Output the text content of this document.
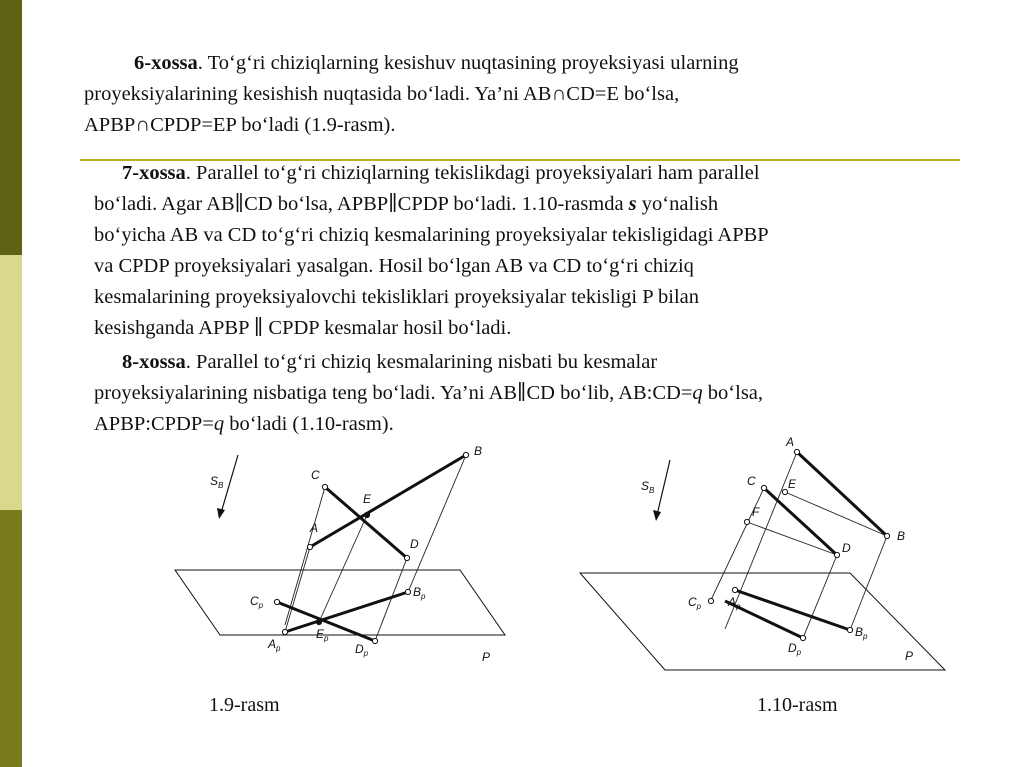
6-xossa. To‘g‘ri chiziqlarning kesishuv nuqtasining proyeksiyasi ularning
proyeksiyalarining kesishish nuqtasida bo‘ladi. Ya’ni AB∩CD=E bo‘lsa,
APBP∩CPDP=EP bo‘ladi (1.9-rasm).

7-xossa. Parallel to‘g‘ri chiziqlarning tekislikdagi proyeksiyalari ham parallel
bo‘ladi. Agar AB∥CD bo‘lsa, APBP∥CPDP bo‘ladi. 1.10-rasmda s yo‘nalish
bo‘yicha AB va CD to‘g‘ri chiziq kesmalarining proyeksiyalar tekisligidagi APBP
va CPDP proyeksiyalari yasalgan. Hosil bo‘lgan AB va CD to‘g‘ri chiziq
kesmalarining proyeksiyalovchi tekisliklari proyeksiyalar tekisligi P bilan
kesishganda APBP ∥ CPDP kesmalar hosil bo‘ladi.

8-xossa. Parallel to‘g‘ri chiziq kesmalarining nisbati bu kesmalar
proyeksiyalarining nisbatiga teng bo‘ladi. Ya’ni AB∥CD bo‘lib, AB:CD=q bo‘lsa,
APBP:CPDP=q bo‘ladi (1.10-rasm).

$S_B$
C
A
E
D
B
$C_p$
$A_p$
$E_p$
$D_p$
$B_p$
P
$S_B$
A
B
C	E
F
D
$C_p$ $A_p$
$D_p$
$B_p$
P
1.9-rasm	1.10-rasm
